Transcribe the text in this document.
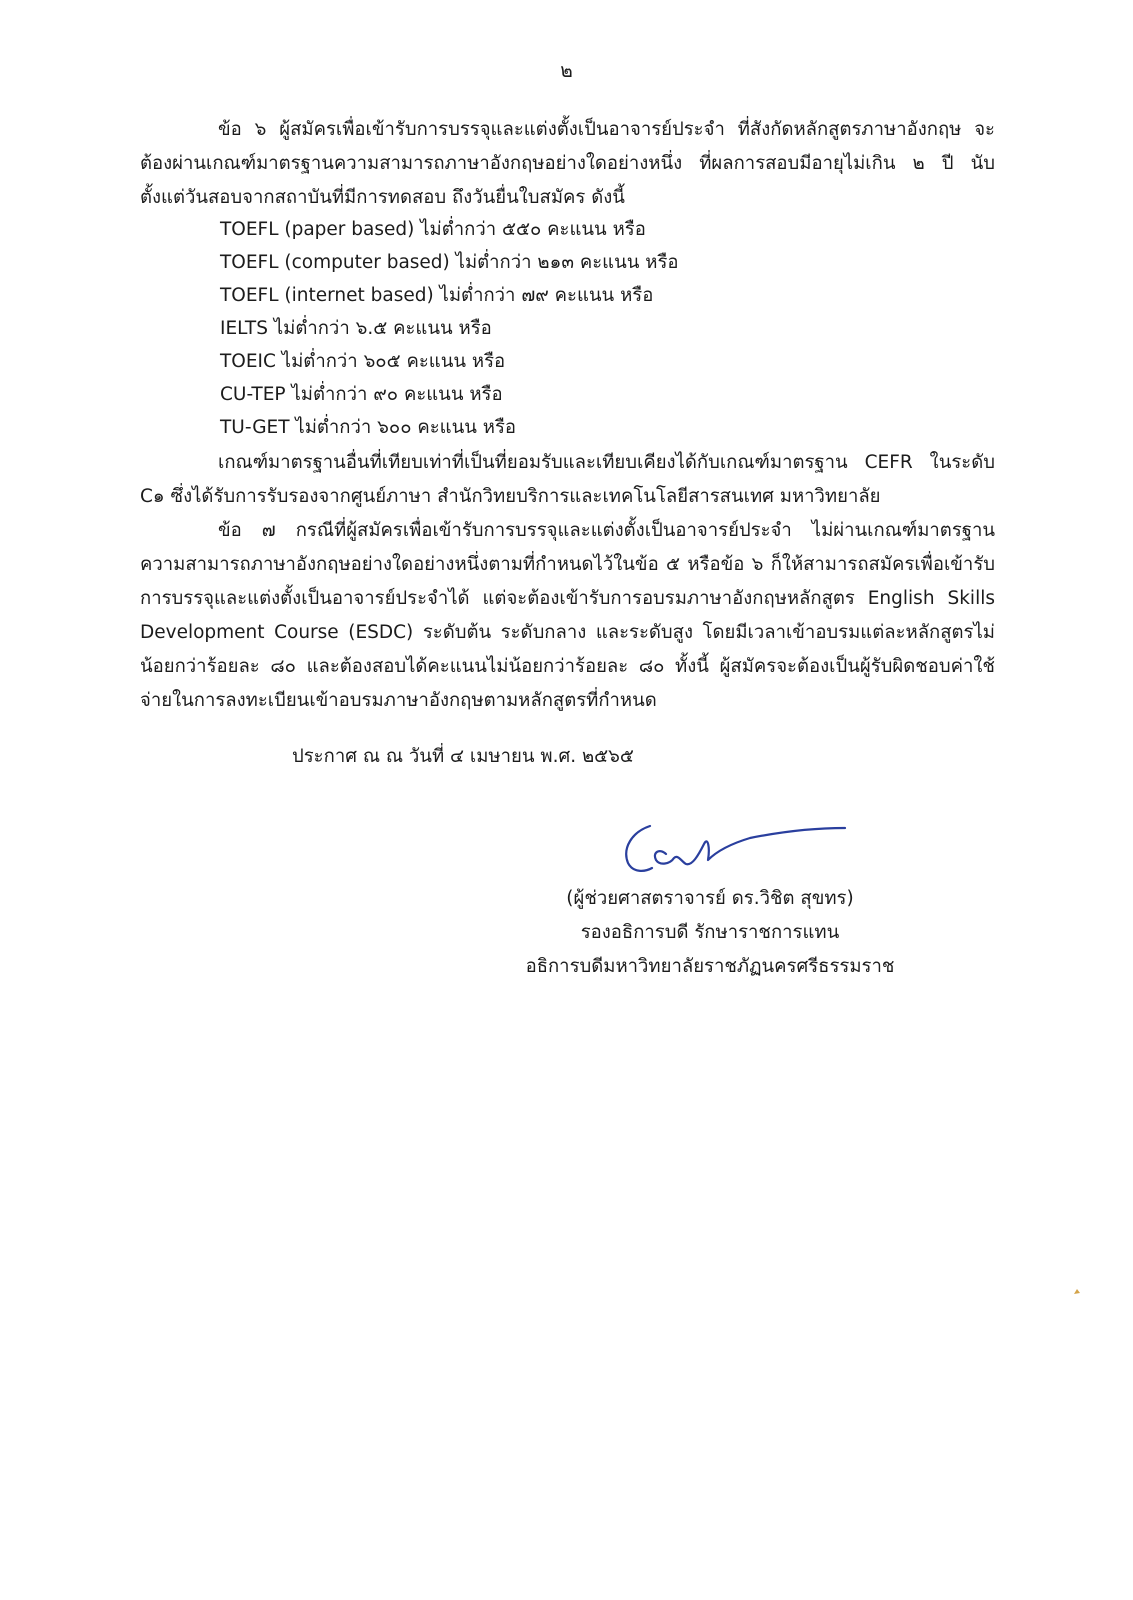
๒

ข้อ ๖ ผู้สมัครเพื่อเข้ารับการบรรจุและแต่งตั้งเป็นอาจารย์ประจำ ที่สังกัดหลักสูตรภาษาอังกฤษ จะต้องผ่านเกณฑ์มาตรฐานความสามารถภาษาอังกฤษอย่างใดอย่างหนึ่ง ที่ผลการสอบมีอายุไม่เกิน ๒ ปี นับตั้งแต่วันสอบจากสถาบันที่มีการทดสอบ ถึงวันยื่นใบสมัคร ดังนี้

TOEFL (paper based) ไม่ต่ำกว่า ๕๕๐ คะแนน หรือ
TOEFL (computer based) ไม่ต่ำกว่า ๒๑๓ คะแนน หรือ
TOEFL (internet based) ไม่ต่ำกว่า ๗๙ คะแนน หรือ
IELTS ไม่ต่ำกว่า ๖.๕ คะแนน หรือ
TOEIC ไม่ต่ำกว่า ๖๐๕ คะแนน หรือ
CU-TEP ไม่ต่ำกว่า ๙๐ คะแนน หรือ
TU-GET ไม่ต่ำกว่า ๖๐๐ คะแนน หรือ

เกณฑ์มาตรฐานอื่นที่เทียบเท่าที่เป็นที่ยอมรับและเทียบเคียงได้กับเกณฑ์มาตรฐาน CEFR ในระดับ C๑ ซึ่งได้รับการรับรองจากศูนย์ภาษา สำนักวิทยบริการและเทคโนโลยีสารสนเทศ มหาวิทยาลัย

ข้อ ๗ กรณีที่ผู้สมัครเพื่อเข้ารับการบรรจุและแต่งตั้งเป็นอาจารย์ประจำ ไม่ผ่านเกณฑ์มาตรฐานความสามารถภาษาอังกฤษอย่างใดอย่างหนึ่งตามที่กำหนดไว้ในข้อ ๕ หรือข้อ ๖ ก็ให้สามารถสมัครเพื่อเข้ารับการบรรจุและแต่งตั้งเป็นอาจารย์ประจำได้ แต่จะต้องเข้ารับการอบรมภาษาอังกฤษหลักสูตร English Skills Development Course (ESDC) ระดับต้น ระดับกลาง และระดับสูง โดยมีเวลาเข้าอบรมแต่ละหลักสูตรไม่น้อยกว่าร้อยละ ๘๐ และต้องสอบได้คะแนนไม่น้อยกว่าร้อยละ ๘๐ ทั้งนี้ ผู้สมัครจะต้องเป็นผู้รับผิดชอบค่าใช้จ่ายในการลงทะเบียนเข้าอบรมภาษาอังกฤษตามหลักสูตรที่กำหนด

ประกาศ ณ ณ วันที่ ๔ เมษายน พ.ศ. ๒๕๖๕
(ผู้ช่วยศาสตราจารย์ ดร.วิชิต สุขทร)
รองอธิการบดี รักษาราชการแทน
อธิการบดีมหาวิทยาลัยราชภัฏนครศรีธรรมราช
